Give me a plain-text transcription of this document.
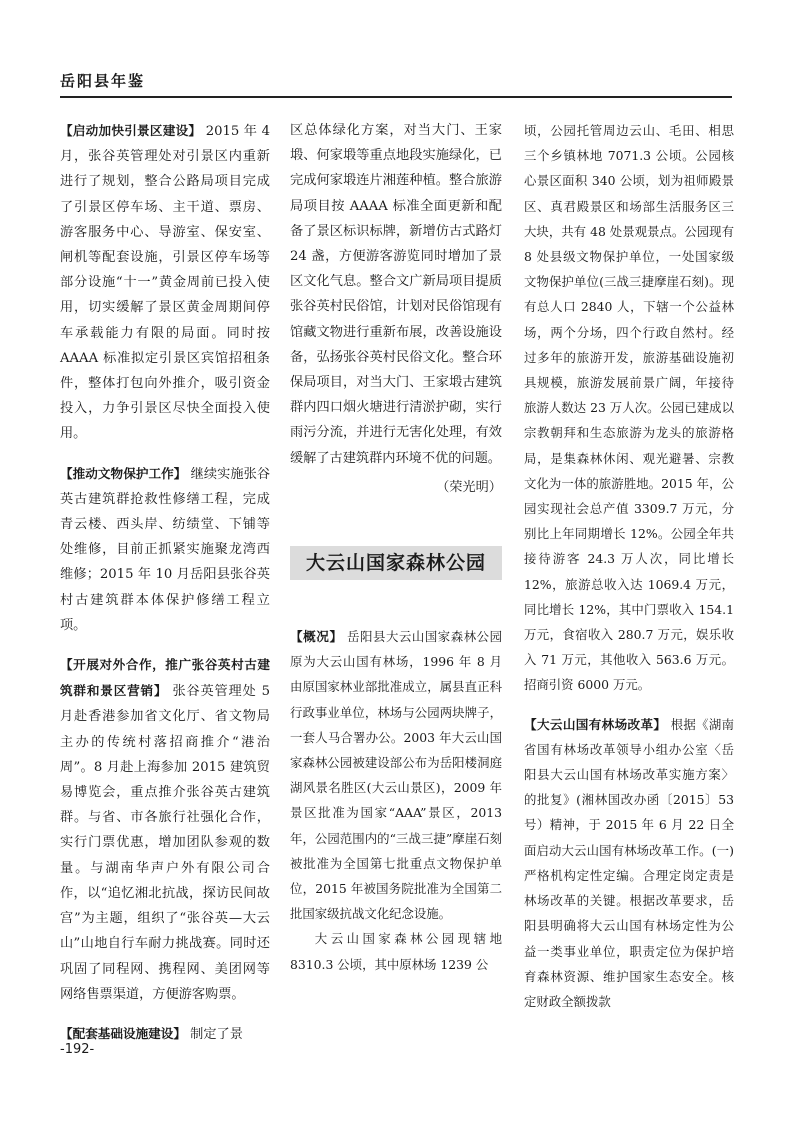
岳阳县年鉴

【启动加快引景区建设】 2015 年 4 月，张谷英管理处对引景区内重新进行了规划，整合公路局项目完成了引景区停车场、主干道、票房、游客服务中心、导游室、保安室、闸机等配套设施，引景区停车场等部分设施“十一”黄金周前已投入使用，切实缓解了景区黄金周期间停车承载能力有限的局面。同时按 AAAA 标准拟定引景区宾馆招租条件，整体打包向外推介，吸引资金投入，力争引景区尽快全面投入使用。

【推动文物保护工作】 继续实施张谷英古建筑群抢救性修缮工程，完成青云楼、西头岸、纺绩堂、下铺等处维修，目前正抓紧实施聚龙湾西维修；2015 年 10 月岳阳县张谷英村古建筑群本体保护修缮工程立项。

【开展对外合作，推广张谷英村古建筑群和景区营销】 张谷英管理处 5 月赴香港参加省文化厅、省文物局主办的传统村落招商推介“港治周”。8 月赴上海参加 2015 建筑贸易博览会，重点推介张谷英古建筑群。与省、市各旅行社强化合作，实行门票优惠，增加团队参观的数量。与湖南华声户外有限公司合作，以“追忆湘北抗战，探访民间故宫”为主题，组织了“张谷英—大云山”山地自行车耐力挑战赛。同时还巩固了同程网、携程网、美团网等网络售票渠道，方便游客购票。

【配套基础设施建设】 制定了景

区总体绿化方案，对当大门、王家塅、何家塅等重点地段实施绿化，已完成何家塅连片湘莲种植。整合旅游局项目按 AAAA 标准全面更新和配备了景区标识标牌，新增仿古式路灯 24 盏，方便游客游览同时增加了景区文化气息。整合文广新局项目提质张谷英村民俗馆，计划对民俗馆现有馆藏文物进行重新布展，改善设施设备，弘扬张谷英村民俗文化。整合环保局项目，对当大门、王家塅古建筑群内四口烟火塘进行清淤护砌，实行雨污分流，并进行无害化处理，有效缓解了古建筑群内环境不优的问题。

（荣光明）

大云山国家森林公园

【概况】 岳阳县大云山国家森林公园原为大云山国有林场，1996 年 8 月由原国家林业部批准成立，属县直正科行政事业单位，林场与公园两块牌子，一套人马合署办公。2003 年大云山国家森林公园被建设部公布为岳阳楼洞庭湖风景名胜区(大云山景区)，2009 年景区批准为国家“AAA”景区，2013 年，公园范围内的“三战三捷”摩崖石刻被批准为全国第七批重点文物保护单位，2015 年被国务院批准为全国第二批国家级抗战文化纪念设施。

大云山国家森林公园现辖地 8310.3 公顷，其中原林场 1239 公

顷，公园托管周边云山、毛田、相思三个乡镇林地 7071.3 公顷。公园核心景区面积 340 公顷，划为祖师殿景区、真君殿景区和场部生活服务区三大块，共有 48 处景观景点。公园现有 8 处县级文物保护单位，一处国家级文物保护单位(三战三捷摩崖石刻)。现有总人口 2840 人，下辖一个公益林场，两个分场，四个行政自然村。经过多年的旅游开发，旅游基础设施初具规模，旅游发展前景广阔，年接待旅游人数达 23 万人次。公园已建成以宗教朝拜和生态旅游为龙头的旅游格局，是集森林休闲、观光避暑、宗教文化为一体的旅游胜地。2015 年，公园实现社会总产值 3309.7 万元，分别比上年同期增长 12%。公园全年共接待游客 24.3 万人次，同比增长 12%，旅游总收入达 1069.4 万元，同比增长 12%，其中门票收入 154.1 万元，食宿收入 280.7 万元，娱乐收入 71 万元，其他收入 563.6 万元。招商引资 6000 万元。

【大云山国有林场改革】 根据《湖南省国有林场改革领导小组办公室〈岳阳县大云山国有林场改革实施方案〉的批复》(湘林国改办函〔2015〕53 号）精神，于 2015 年 6 月 22 日全面启动大云山国有林场改革工作。(一)严格机构定性定编。合理定岗定责是林场改革的关键。根据改革要求，岳阳县明确将大云山国有林场定性为公益一类事业单位，职责定位为保护培育森林资源、维护国家生态安全。核定财政全额拨款

-192-
